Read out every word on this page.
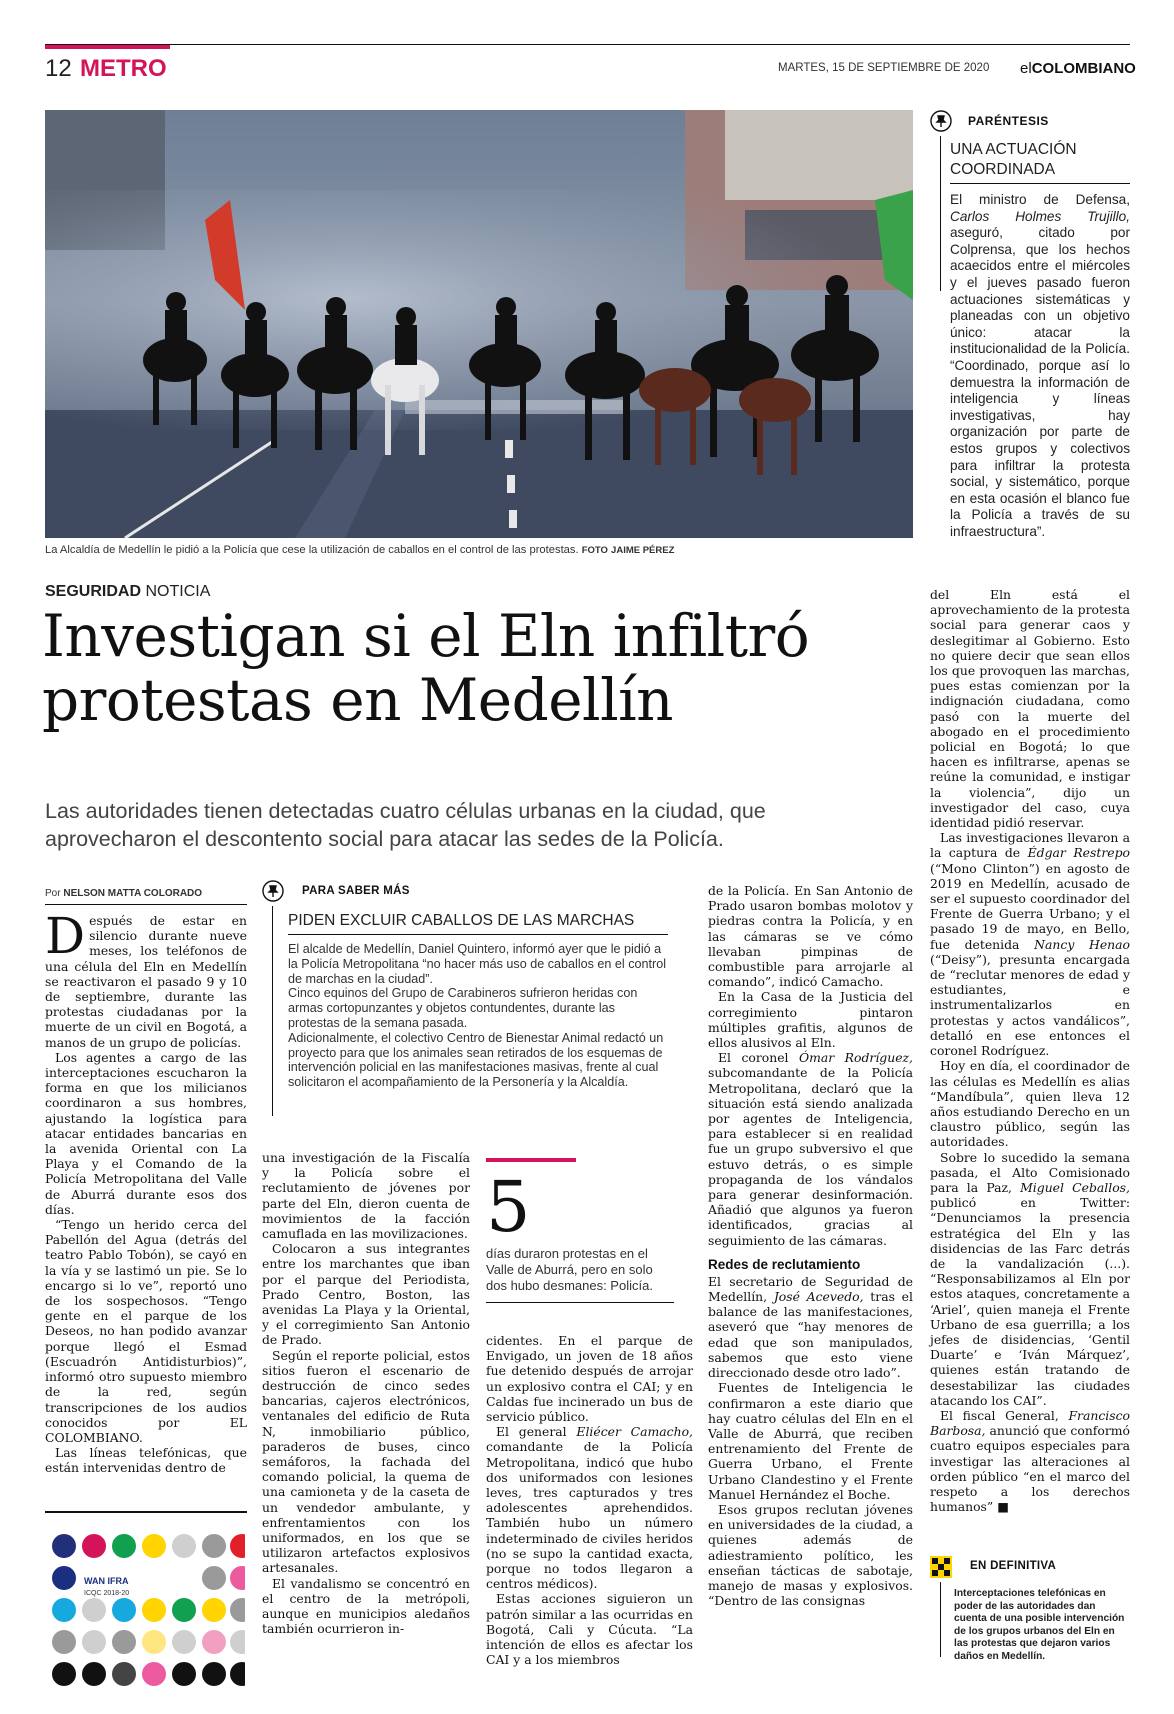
12 METRO	MARTES, 15 DE SEPTIEMBRE DE 2020 elCOLOMBIANO
La Alcaldía de Medellín le pidió a la Policía que cese la utilización de caballos en el control de las protestas. FOTO JAIME PÉREZ
PARÉNTESIS
UNA ACTUACIÓN
COORDINADA
El ministro de Defensa, Carlos Holmes Trujillo, aseguró, citado por Colprensa, que los hechos acaecidos entre el miércoles y el jueves pasado fueron actuaciones sistemáticas y planeadas con un objetivo único: atacar la institucionalidad de la Policía. “Coordinado, porque así lo demuestra la información de inteligencia y líneas investigativas, hay organización por parte de estos grupos y colectivos para infiltrar la protesta social, y sistemático, porque en esta ocasión el blanco fue la Policía a través de su infraestructura”.
SEGURIDAD NOTICIA
Investigan si el Eln infiltró
protestas en Medellín
Las autoridades tienen detectadas cuatro células urbanas en la ciudad, que
aprovecharon el descontento social para atacar las sedes de la Policía.
Por NELSON MATTA COLORADO

Después de estar en silencio durante nueve meses, los teléfonos de una célula del Eln en Medellín se reactivaron el pasado 9 y 10 de septiembre, durante las protestas ciudadanas por la muerte de un civil en Bogotá, a manos de un grupo de policías.

Los agentes a cargo de las interceptaciones escucharon la forma en que los milicianos coordinaron a sus hombres, ajustando la logística para atacar entidades bancarias en la avenida Oriental con La Playa y el Comando de la Policía Metropolitana del Valle de Aburrá durante esos dos días.

“Tengo un herido cerca del Pabellón del Agua (detrás del teatro Pablo Tobón), se cayó en la vía y se lastimó un pie. Se lo encargo si lo ve”, reportó uno de los sospechosos. “Tengo gente en el parque de los Deseos, no han podido avanzar porque llegó el Esmad (Escuadrón Antidisturbios)”, informó otro supuesto miembro de la red, según transcripciones de los audios conocidos por EL COLOMBIANO.

Las líneas telefónicas, que están intervenidas dentro de

WAN IFRA
ICQC 2018-20
PARA SABER MÁS
PIDEN EXCLUIR CABALLOS DE LAS MARCHAS
El alcalde de Medellín, Daniel Quintero, informó ayer que le pidió a la Policía Metropolitana “no hacer más uso de caballos en el control de marchas en la ciudad”.
Cinco equinos del Grupo de Carabineros sufrieron heridas con armas cortopunzantes y objetos contundentes, durante las protestas de la semana pasada.
Adicionalmente, el colectivo Centro de Bienestar Animal redactó un proyecto para que los animales sean retirados de los esquemas de intervención policial en las manifestaciones masivas, frente al cual solicitaron el acompañamiento de la Personería y la Alcaldía.

una investigación de la Fiscalía y la Policía sobre el reclutamiento de jóvenes por parte del Eln, dieron cuenta de movimientos de la facción camuflada en las movilizaciones.

Colocaron a sus integrantes entre los marchantes que iban por el parque del Periodista, Prado Centro, Boston, las avenidas La Playa y la Oriental, y el corregimiento San Antonio de Prado.

Según el reporte policial, estos sitios fueron el escenario de destrucción de cinco sedes bancarias, cajeros electrónicos, ventanales del edificio de Ruta N, inmobiliario público, paraderos de buses, cinco semáforos, la fachada del comando policial, la quema de una camioneta y de la caseta de un vendedor ambulante, y enfrentamientos con los uniformados, en los que se utilizaron artefactos explosivos artesanales.

El vandalismo se concentró en el centro de la metrópoli, aunque en municipios aledaños también ocurrieron in-

5
días duraron protestas en el Valle de Aburrá, pero en solo dos hubo desmanes: Policía.

cidentes. En el parque de Envigado, un joven de 18 años fue detenido después de arrojar un explosivo contra el CAI; y en Caldas fue incinerado un bus de servicio público.

El general Eliécer Camacho, comandante de la Policía Metropolitana, indicó que hubo dos uniformados con lesiones leves, tres capturados y tres adolescentes aprehendidos. También hubo un número indeterminado de civiles heridos (no se supo la cantidad exacta, porque no todos llegaron a centros médicos).

Estas acciones siguieron un patrón similar a las ocurridas en Bogotá, Cali y Cúcuta. “La intención de ellos es afectar los CAI y a los miembros

de la Policía. En San Antonio de Prado usaron bombas molotov y piedras contra la Policía, y en las cámaras se ve cómo llevaban pimpinas de combustible para arrojarle al comando”, indicó Camacho.

En la Casa de la Justicia del corregimiento pintaron múltiples grafitis, algunos de ellos alusivos al Eln.

El coronel Ómar Rodríguez, subcomandante de la Policía Metropolitana, declaró que la situación está siendo analizada por agentes de Inteligencia, para establecer si en realidad fue un grupo subversivo el que estuvo detrás, o es simple propaganda de los vándalos para generar desinformación. Añadió que algunos ya fueron identificados, gracias al seguimiento de las cámaras.

Redes de reclutamiento

El secretario de Seguridad de Medellín, José Acevedo, tras el balance de las manifestaciones, aseveró que “hay menores de edad que son manipulados, sabemos que esto viene direccionado desde otro lado”.

Fuentes de Inteligencia le confirmaron a este diario que hay cuatro células del Eln en el Valle de Aburrá, que reciben entrenamiento del Frente de Guerra Urbano, el Frente Urbano Clandestino y el Frente Manuel Hernández el Boche.

Esos grupos reclutan jóvenes en universidades de la ciudad, a quienes además de adiestramiento político, les enseñan tácticas de sabotaje, manejo de masas y explosivos. “Dentro de las consignas

del Eln está el aprovechamiento de la protesta social para generar caos y deslegitimar al Gobierno. Esto no quiere decir que sean ellos los que provoquen las marchas, pues estas comienzan por la indignación ciudadana, como pasó con la muerte del abogado en el procedimiento policial en Bogotá; lo que hacen es infiltrarse, apenas se reúne la comunidad, e instigar la violencia”, dijo un investigador del caso, cuya identidad pidió reservar.

Las investigaciones llevaron a la captura de Édgar Restrepo (“Mono Clinton”) en agosto de 2019 en Medellín, acusado de ser el supuesto coordinador del Frente de Guerra Urbano; y el pasado 19 de mayo, en Bello, fue detenida Nancy Henao (“Deisy”), presunta encargada de “reclutar menores de edad y estudiantes, e instrumentalizarlos en protestas y actos vandálicos”, detalló en ese entonces el coronel Rodríguez.

Hoy en día, el coordinador de las células es Medellín es alias “Mandíbula”, quien lleva 12 años estudiando Derecho en un claustro público, según las autoridades.

Sobre lo sucedido la semana pasada, el Alto Comisionado para la Paz, Miguel Ceballos, publicó en Twitter: “Denunciamos la presencia estratégica del Eln y las disidencias de las Farc detrás de la vandalización (...). “Responsabilizamos al Eln por estos ataques, concretamente a ‘Ariel’, quien maneja el Frente Urbano de esa guerrilla; a los jefes de disidencias, ‘Gentil Duarte’ e ‘Iván Márquez’, quienes están tratando de desestabilizar las ciudades atacando los CAI”.

El fiscal General, Francisco Barbosa, anunció que conformó cuatro equipos especiales para investigar las alteraciones al orden público “en el marco del respeto a los derechos humanos” ■

EN DEFINITIVA
Interceptaciones telefónicas en poder de las autoridades dan cuenta de una posible intervención de los grupos urbanos del Eln en las protestas que dejaron varios daños en Medellín.
